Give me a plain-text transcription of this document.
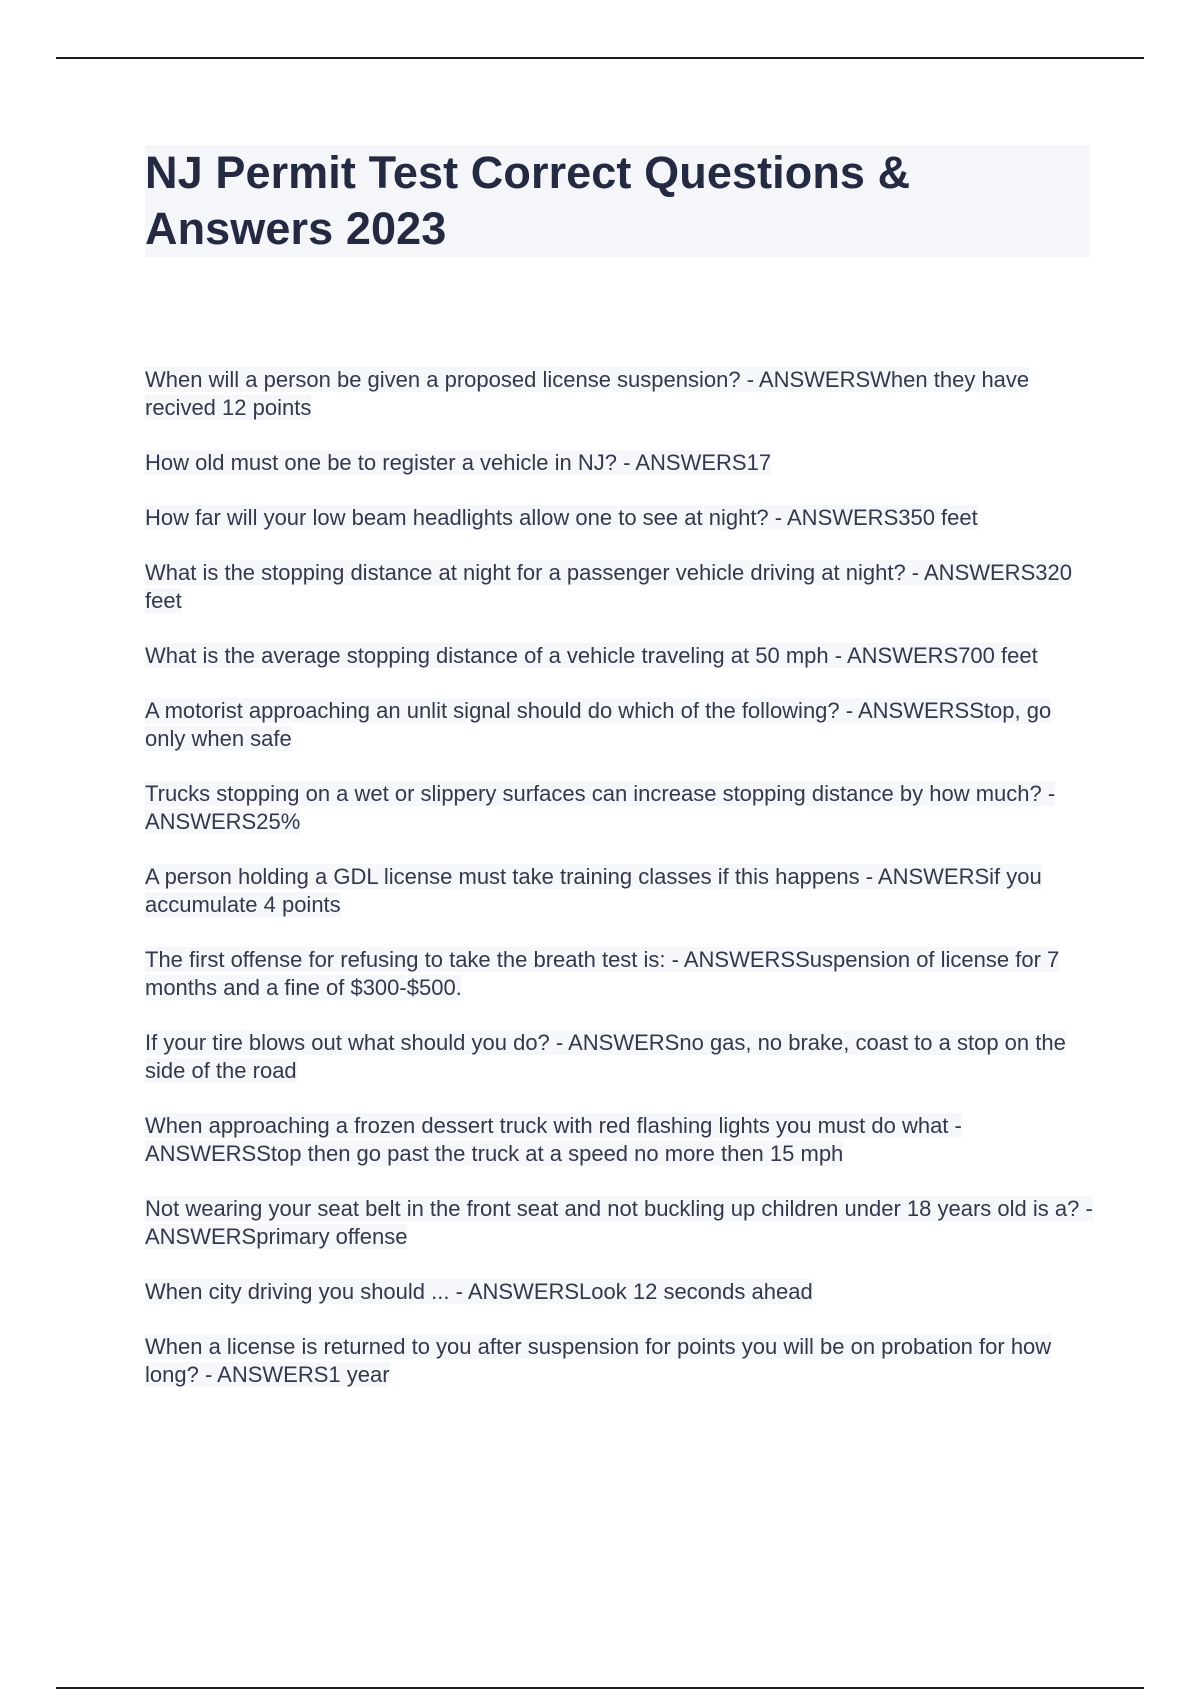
NJ Permit Test Correct Questions &
Answers 2023
When will a person be given a proposed license suspension? - ANSWERSWhen they have recived 12 points
How old must one be to register a vehicle in NJ? - ANSWERS17
How far will your low beam headlights allow one to see at night? - ANSWERS350 feet
What is the stopping distance at night for a passenger vehicle driving at night? - ANSWERS320 feet
What is the average stopping distance of a vehicle traveling at 50 mph - ANSWERS700 feet
A motorist approaching an unlit signal should do which of the following? - ANSWERSStop, go only when safe
Trucks stopping on a wet or slippery surfaces can increase stopping distance by how much? - ANSWERS25%
A person holding a GDL license must take training classes if this happens - ANSWERSif you accumulate 4 points
The first offense for refusing to take the breath test is: - ANSWERSSuspension of license for 7 months and a fine of $300-$500.
If your tire blows out what should you do? - ANSWERSno gas, no brake, coast to a stop on the side of the road
When approaching a frozen dessert truck with red flashing lights you must do what - ANSWERSStop then go past the truck at a speed no more then 15 mph
Not wearing your seat belt in the front seat and not buckling up children under 18 years old is a? - ANSWERSprimary offense
When city driving you should ... - ANSWERSLook 12 seconds ahead
When a license is returned to you after suspension for points you will be on probation for how long? - ANSWERS1 year
